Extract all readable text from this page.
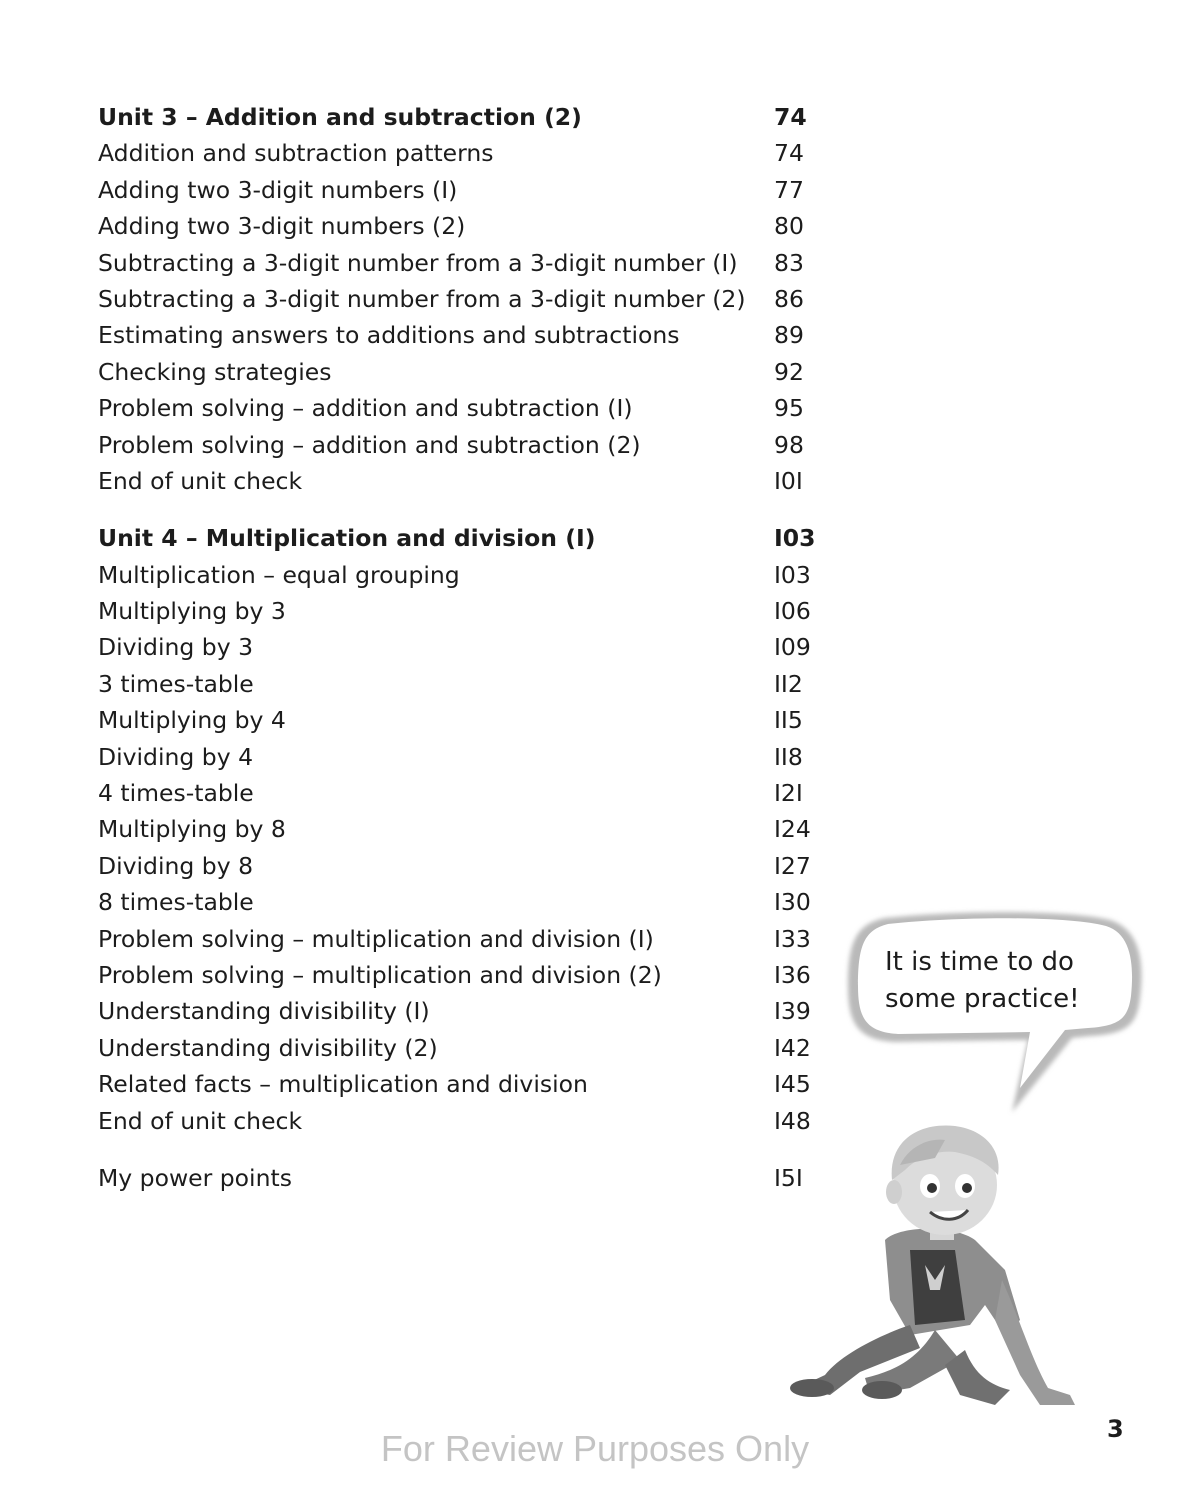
Unit 3 – Addition and subtraction (2)	74
Addition and subtraction patterns	74
Adding two 3-digit numbers (I)	77
Adding two 3-digit numbers (2)	80
Subtracting a 3-digit number from a 3-digit number (I) 83
Subtracting a 3-digit number from a 3-digit number (2) 86
Estimating answers to additions and subtractions	89
Checking strategies	92
Problem solving – addition and subtraction (I)	95
Problem solving – addition and subtraction (2)	98
End of unit check	I0I
Unit 4 – Multiplication and division (I)	I03
Multiplication – equal grouping	I03
Multiplying by 3	I06
Dividing by 3	I09
3 times-table	II2
Multiplying by 4	II5
Dividing by 4	II8
4 times-table	I2I
Multiplying by 8	I24
Dividing by 8	I27
8 times-table	I30
Problem solving – multiplication and division (I)	I33
Problem solving – multiplication and division (2)	I36
Understanding divisibility (I)	I39
Understanding divisibility (2)	I42
Related facts – multiplication and division	I45
End of unit check	I48
My power points	I5I
It is time to do
some practice!
3
For Review Purposes Only
